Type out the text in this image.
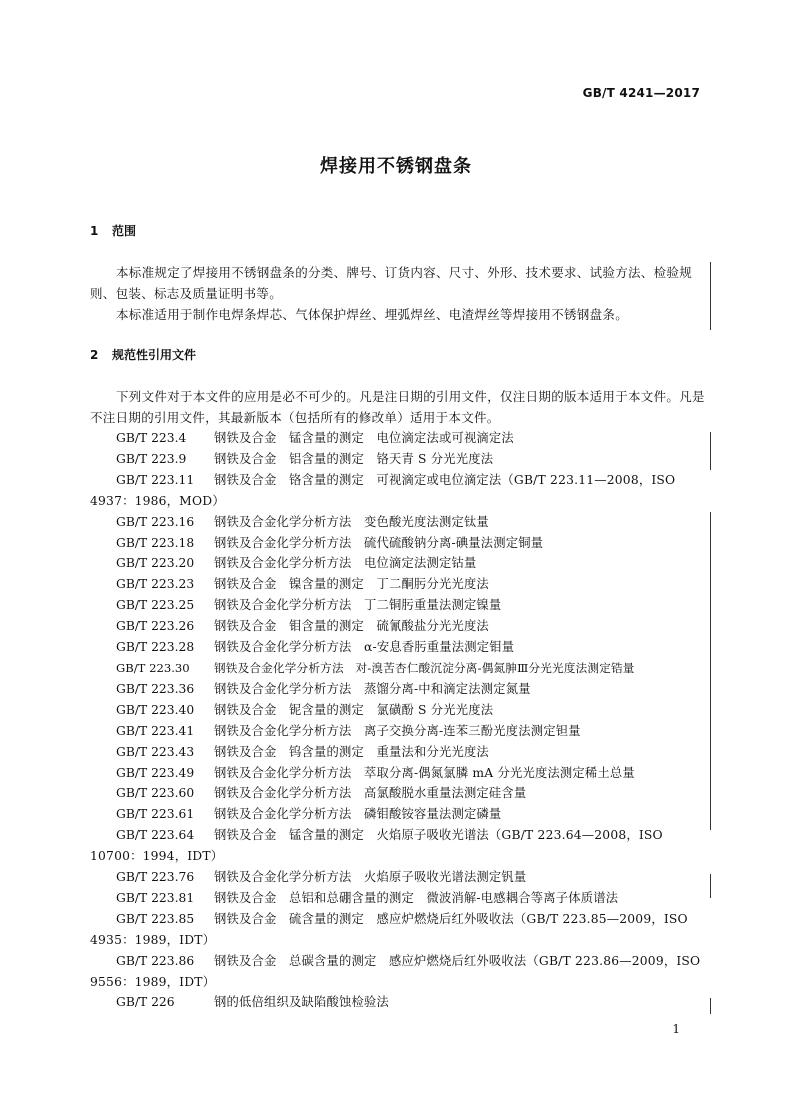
GB/T 4241—2017
焊接用不锈钢盘条
1 范围
本标准规定了焊接用不锈钢盘条的分类、牌号、订货内容、尺寸、外形、技术要求、试验方法、检验规则、包装、标志及质量证明书等。
本标准适用于制作电焊条焊芯、气体保护焊丝、埋弧焊丝、电渣焊丝等焊接用不锈钢盘条。
2 规范性引用文件
下列文件对于本文件的应用是必不可少的。凡是注日期的引用文件，仅注日期的版本适用于本文件。凡是不注日期的引用文件，其最新版本（包括所有的修改单）适用于本文件。
GB/T 223.4 钢铁及合金　锰含量的测定　电位滴定法或可视滴定法
GB/T 223.9 钢铁及合金　铝含量的测定　铬天青 S 分光光度法
GB/T 223.11 钢铁及合金　铬含量的测定　可视滴定或电位滴定法（GB/T 223.11—2008，ISO 4937：1986，MOD）
GB/T 223.16 钢铁及合金化学分析方法　变色酸光度法测定钛量
GB/T 223.18 钢铁及合金化学分析方法　硫代硫酸钠分离-碘量法测定铜量
GB/T 223.20 钢铁及合金化学分析方法　电位滴定法测定钴量
GB/T 223.23 钢铁及合金　镍含量的测定　丁二酮肟分光光度法
GB/T 223.25 钢铁及合金化学分析方法　丁二铜肟重量法测定镍量
GB/T 223.26 钢铁及合金　钼含量的测定　硫氰酸盐分光光度法
GB/T 223.28 钢铁及合金化学分析方法　α-安息香肟重量法测定钼量
GB/T 223.30 钢铁及合金化学分析方法　对-溴苦杏仁酸沉淀分离-偶氮胂Ⅲ分光光度法测定锆量
GB/T 223.36 钢铁及合金化学分析方法　蒸馏分离-中和滴定法测定氮量
GB/T 223.40 钢铁及合金　铌含量的测定　氯磺酚 S 分光光度法
GB/T 223.41 钢铁及合金化学分析方法　离子交换分离-连苯三酚光度法测定钽量
GB/T 223.43 钢铁及合金　钨含量的测定　重量法和分光光度法
GB/T 223.49 钢铁及合金化学分析方法　萃取分离-偶氮氯膦 mA 分光光度法测定稀土总量
GB/T 223.60 钢铁及合金化学分析方法　高氯酸脱水重量法测定硅含量
GB/T 223.61 钢铁及合金化学分析方法　磷钼酸铵容量法测定磷量
GB/T 223.64 钢铁及合金　锰含量的测定　火焰原子吸收光谱法（GB/T 223.64—2008，ISO 10700：1994，IDT）
GB/T 223.76 钢铁及合金化学分析方法　火焰原子吸收光谱法测定钒量
GB/T 223.81 钢铁及合金　总铝和总硼含量的测定　微波消解-电感耦合等离子体质谱法
GB/T 223.85 钢铁及合金　硫含量的测定　感应炉燃烧后红外吸收法（GB/T 223.85—2009，ISO 4935：1989，IDT）
GB/T 223.86 钢铁及合金　总碳含量的测定　感应炉燃烧后红外吸收法（GB/T 223.86—2009，ISO 9556：1989，IDT）
GB/T 226	钢的低倍组织及缺陷酸蚀检验法
1
